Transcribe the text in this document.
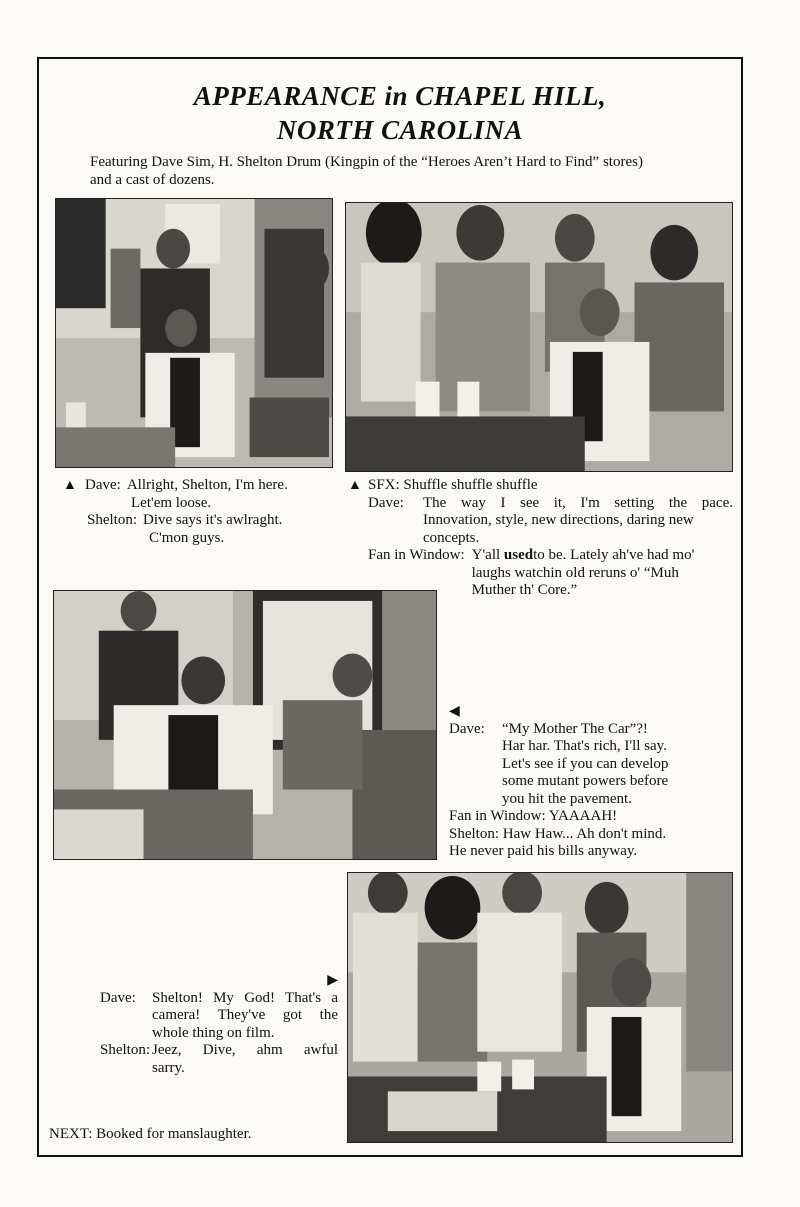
APPEARANCE in CHAPEL HILL,
NORTH CAROLINA
Featuring Dave Sim, H. Shelton Drum (Kingpin of the “Heroes Aren’t Hard to Find” stores)
and a cast of dozens.
▲ Dave: Allright, Shelton, I'm here.
Let'em loose.
Shelton: Dive says it's awlraght.
C'mon guys.
▲ SFX: Shuffle shuffle shuffle
Dave:	The way I see it, I'm setting the pace.
Innovation, style, new directions, daring new
concepts.
Fan in Window: Y'all usedto be. Lately ah've had mo'
laughs watchin old reruns o' “Muh
Muther th' Core.”
◀
Dave:	“My Mother The Car”?!
Har har. That's rich, I'll say.
Let's see if you can develop
some mutant powers before
you hit the pavement.
Fan in Window: YAAAAH!
Shelton: Haw Haw... Ah don't mind.
He never paid his bills anyway.
▶
Dave:	Shelton! My God! That's a
camera! They've got the
whole thing on film.
Shelton: Jeez, Dive, ahm awful
sarry.
NEXT: Booked for manslaughter.
